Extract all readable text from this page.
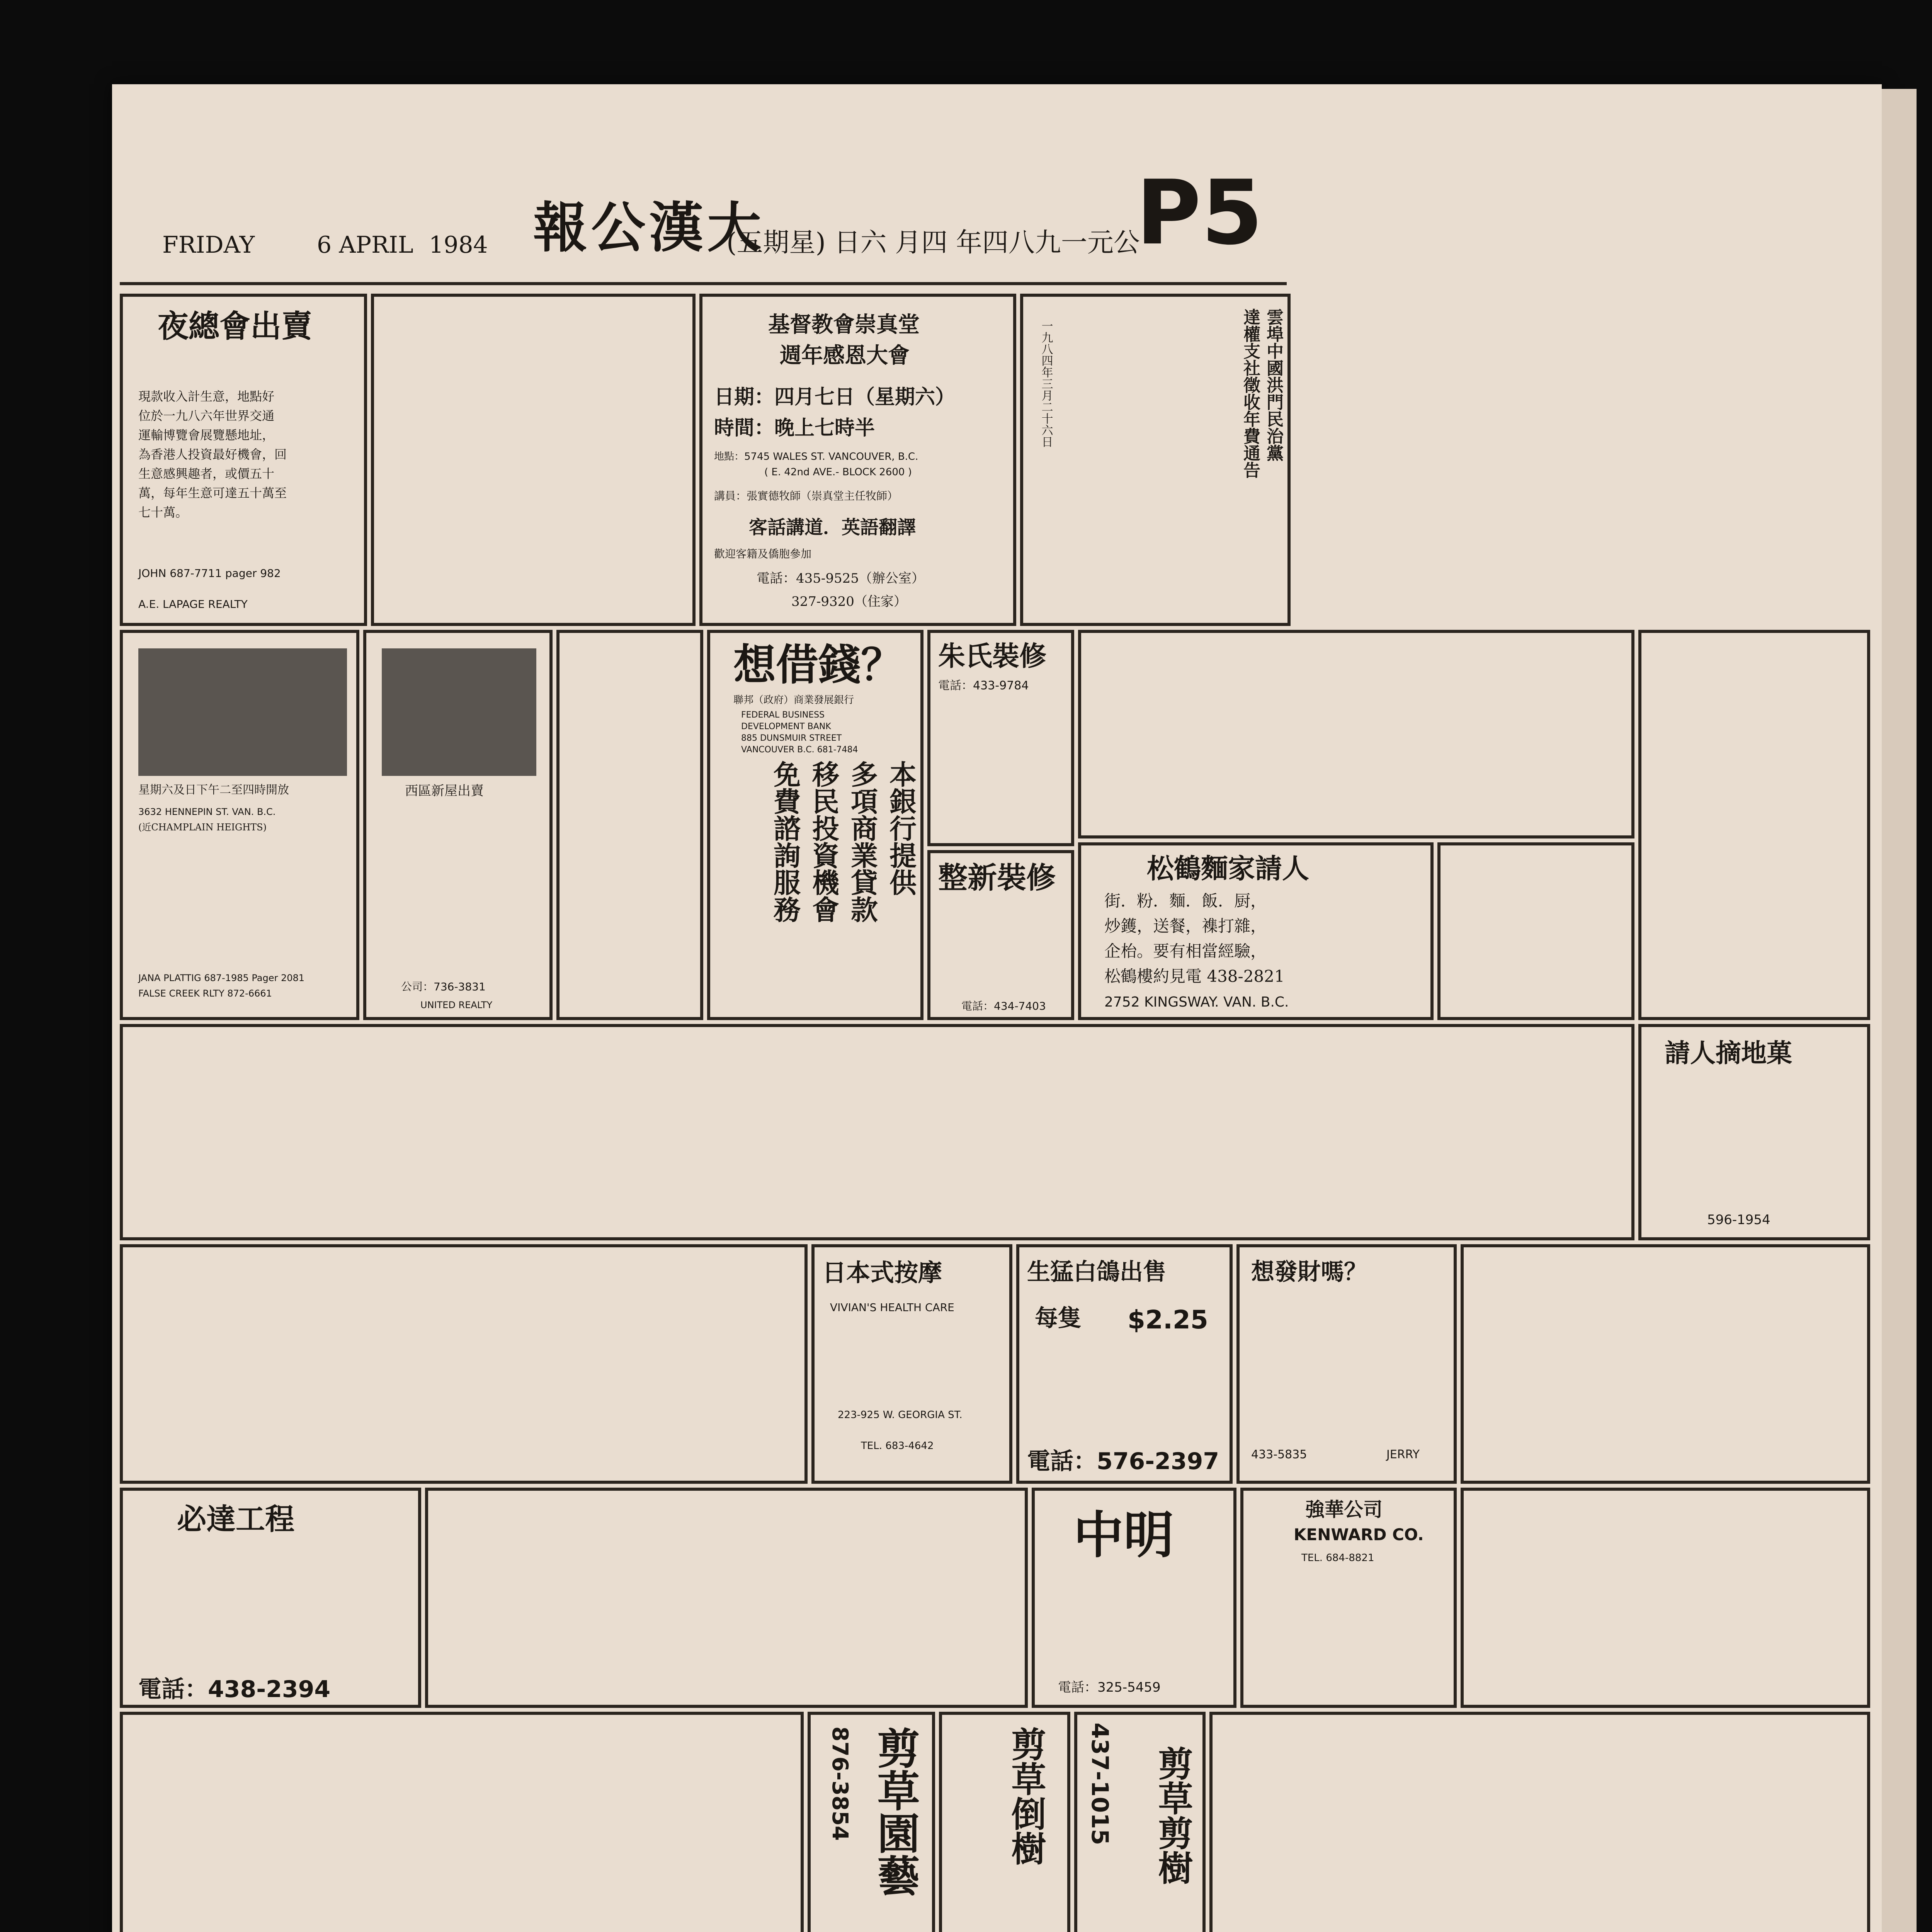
FRIDAY	6 APRIL 1984 報公漢大
(五期星) 日六 月四 年四八九一元公
P5
夜總會出賣
現款收入計生意，地點好
位於一九八六年世界交通
運輸博覽會展覽懸地址，
為香港人投資最好機會，回
生意感興趣者，或價五十
萬，每年生意可達五十萬至
七十萬。
JOHN 687-7711 pager 982
A.E. LAPAGE REALTY
基督教會崇真堂
週年感恩大會
日期：四月七日（星期六）
時間：晚上七時半
地點：5745 WALES ST. VANCOUVER, B.C.
( E. 42nd AVE.- BLOCK 2600 )
講員：張實德牧師（崇真堂主任牧師）
客話講道．英語翻譯
歡迎客籍及僑胞參加
電話：435-9525（辦公室）
327-9320（住家）
雲埠中國洪門民治黨
達權支社徵收年費通告
一九八四年三月二十六日
星期六及日下午二至四時開放
3632 HENNEPIN ST. VAN. B.C.
(近CHAMPLAIN HEIGHTS)
JANA PLATTIG 687-1985 Pager 2081
FALSE CREEK RLTY 872-6661
西區新屋出賣
公司：736-3831
UNITED REALTY
想借錢？
聯邦（政府）商業發展銀行
FEDERAL BUSINESS
DEVELOPMENT BANK
885 DUNSMUIR STREET
VANCOUVER B.C. 681-7484
本銀行提供
多項商業貸款
移民投資機會
免費諮詢服務
朱氏裝修
電話：433-9784
整新裝修
電話：434-7403
松鶴麵家請人
街．粉．麵．飯．厨，
炒鑊，送餐，襍打雜，
企枱。要有相當經驗，
松鶴樓約見電 438-2821
2752 KINGSWAY. VAN. B.C.
請人摘地菓
596-1954
日本式按摩
VIVIAN'S HEALTH CARE
223-925 W. GEORGIA ST.
TEL. 683-4642
生猛白鴿出售
每隻 $2.25
電話：576-2397
想發財嗎？
433-5835	JERRY
必達工程
電話：438-2394
中明
電話：325-5459
強華公司
KENWARD CO.
TEL. 684-8821
剪草園藝
876-3854	剪草倒樹	剪草剪樹
437-1015
